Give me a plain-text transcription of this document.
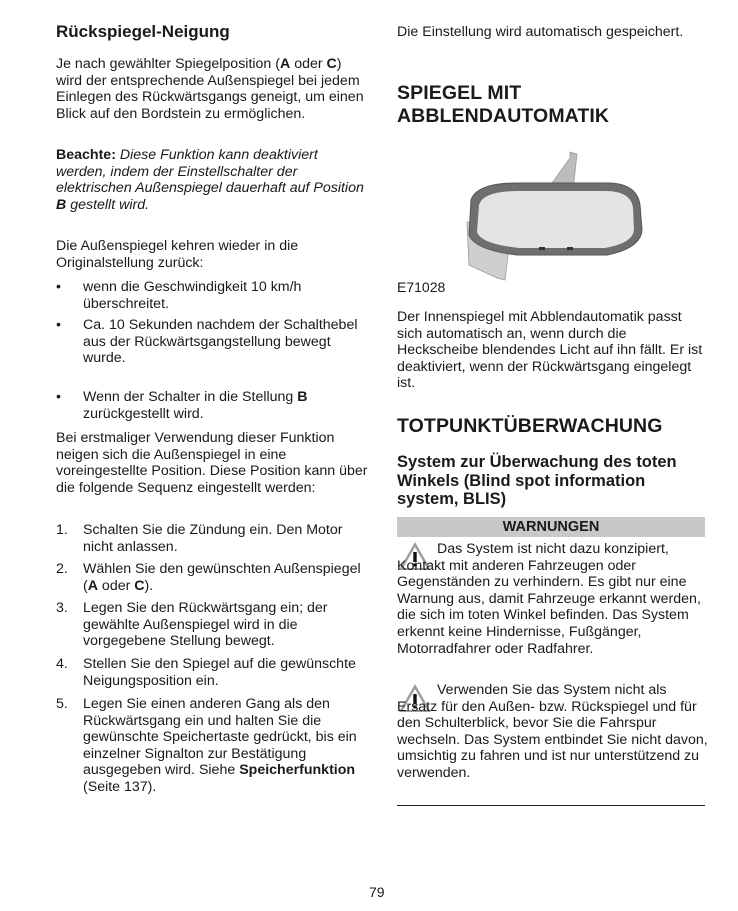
Rückspiegel-Neigung

Je nach gewählter Spiegelposition (A oder C) wird der entsprechende Außenspiegel bei jedem Einlegen des Rückwärtsgangs geneigt, um einen Blick auf den Bordstein zu ermöglichen.

Beachte: Diese Funktion kann deaktiviert werden, indem der Einstellschalter der elektrischen Außenspiegel dauerhaft auf Position B gestellt wird.

Die Außenspiegel kehren wieder in die Originalstellung zurück:

• wenn die Geschwindigkeit 10 km/h überschreitet.
• Ca. 10 Sekunden nachdem der Schalthebel aus der Rückwärtsgangstellung bewegt wurde.
• Wenn der Schalter in die Stellung B zurückgestellt wird.

Bei erstmaliger Verwendung dieser Funktion neigen sich die Außenspiegel in eine voreingestellte Position. Diese Position kann über die folgende Sequenz eingestellt werden:

1. Schalten Sie die Zündung ein. Den Motor nicht anlassen.
2. Wählen Sie den gewünschten Außenspiegel (A oder C).
3. Legen Sie den Rückwärtsgang ein; der gewählte Außenspiegel wird in die vorgegebene Stellung bewegt.
4. Stellen Sie den Spiegel auf die gewünschte Neigungsposition ein.
5. Legen Sie einen anderen Gang als den Rückwärtsgang ein und halten Sie die gewünschte Speichertaste gedrückt, bis ein einzelner Signalton zur Bestätigung ausgegeben wird. Siehe Speicherfunktion (Seite 137).

Die Einstellung wird automatisch gespeichert.

SPIEGEL MIT ABBLENDAUTOMATIK
E71028

Der Innenspiegel mit Abblendautomatik passt sich automatisch an, wenn durch die Heckscheibe blendendes Licht auf ihn fällt. Er ist deaktiviert, wenn der Rückwärtsgang eingelegt ist.

TOTPUNKTÜBERWACHUNG
System zur Überwachung des toten Winkels (Blind spot information system, BLIS)
WARNUNGEN

Das System ist nicht dazu konzipiert, Kontakt mit anderen Fahrzeugen oder Gegenständen zu verhindern. Es gibt nur eine Warnung aus, damit Fahrzeuge erkannt werden, die sich im toten Winkel befinden. Das System erkennt keine Hindernisse, Fußgänger, Motorradfahrer oder Radfahrer.

Verwenden Sie das System nicht als Ersatz für den Außen- bzw. Rückspiegel und für den Schulterblick, bevor Sie die Fahrspur wechseln. Das System entbindet Sie nicht davon, umsichtig zu fahren und ist nur unterstützend zu verwenden.

79
